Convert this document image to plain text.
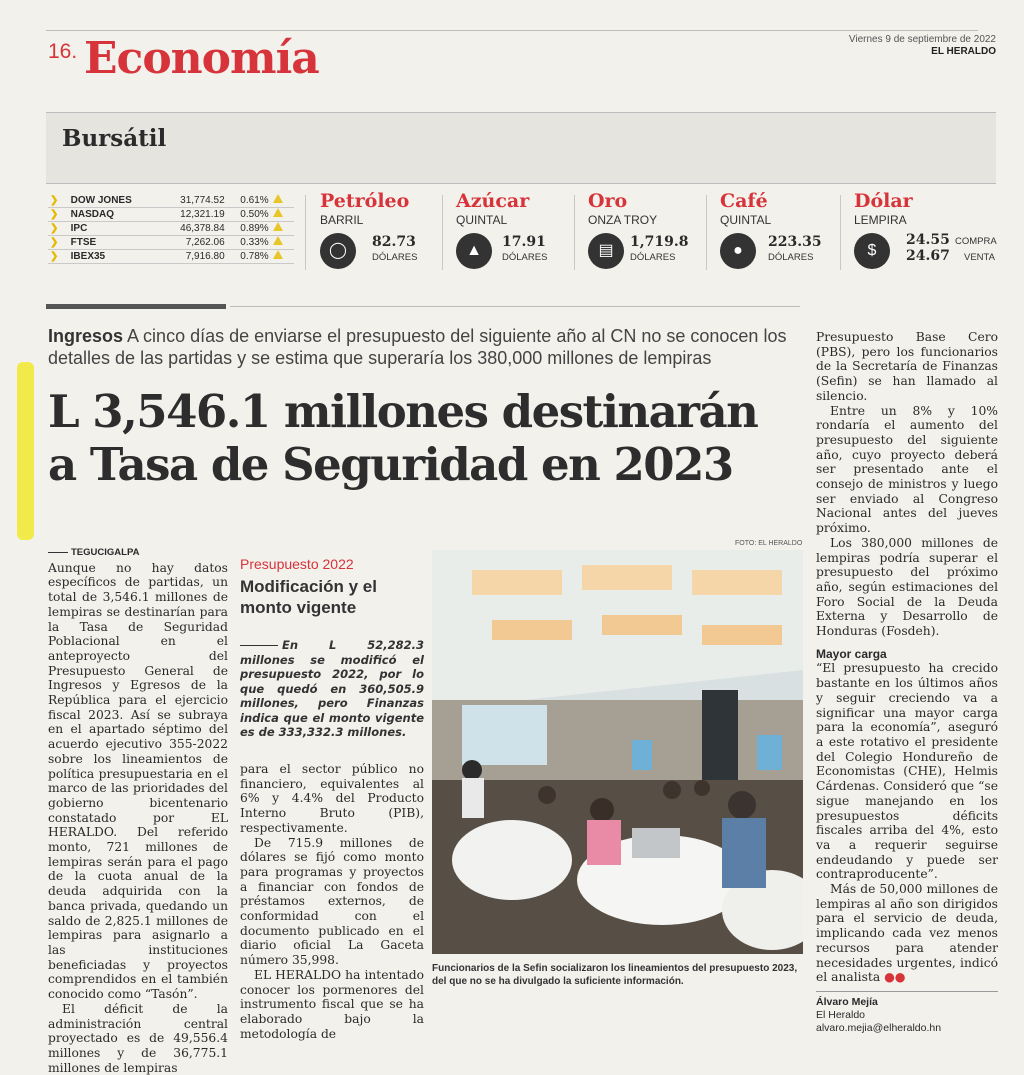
16. Economía	Viernes 9 de septiembre de 2022
EL HERALDO
Bursátil
❯	DOW JONES	31,774.52	0.61%	
❯	NASDAQ	12,321.19	0.50%	
❯	IPC	46,378.84	0.89%	
❯	FTSE	7,262.06	0.33%	
❯	IBEX35	7,916.80	0.78%	
Petróleo
BARRIL
◯	82.73
DÓLARES
Azúcar
QUINTAL
▲	17.91
DÓLARES
Oro
ONZA TROY
▤	1,719.8
DÓLARES
Café
QUINTAL
●	223.35
DÓLARES
Dólar
LEMPIRA
$
24.55 COMPRA
24.67 VENTA
Ingresos A cinco días de enviarse el presupuesto del siguiente año al CN no se conocen los detalles de las partidas y se estima que superaría los 380,000 millones de lempiras
L 3,546.1 millones destinarán
a Tasa de Seguridad en 2023
TEGUCIGALPA

Aunque no hay datos específicos de partidas, un total de 3,546.1 millones de lempiras se destinarían para la Tasa de Seguridad Poblacional en el anteproyecto del Presupuesto General de Ingresos y Egresos de la República para el ejercicio fiscal 2023. Así se subraya en el apartado séptimo del acuerdo ejecutivo 355-2022 sobre los lineamientos de política presupuestaria en el marco de las prioridades del gobierno bicentenario constatado por EL HERALDO. Del referido monto, 721 millones de lempiras serán para el pago de la cuota anual de la deuda adquirida con la banca privada, quedando un saldo de 2,825.1 millones de lempiras para asignarlo a las instituciones beneficiadas y proyectos comprendidos en el también conocido como “Tasón”.

El déficit de la administración central proyectado es de 49,556.4 millones y de 36,775.1 millones de lempiras

Presupuesto 2022
Modificación y el monto vigente
En L 52,282.3 millones se modificó el presupuesto 2022, por lo que quedó en 360,505.9 millones, pero Finanzas indica que el monto vigente es de 333,332.3 millones.

para el sector público no financiero, equivalentes al 6% y 4.4% del Producto Interno Bruto (PIB), respectivamente.

De 715.9 millones de dólares se fijó como monto para programas y proyectos a financiar con fondos de préstamos externos, de conformidad con el documento publicado en el diario oficial La Gaceta número 35,998.

EL HERALDO ha intentado conocer los pormenores del instrumento fiscal que se ha elaborado bajo la metodología de

FOTO: EL HERALDO
Funcionarios de la Sefin socializaron los lineamientos del presupuesto 2023, del que no se ha divulgado la suficiente información.

Presupuesto Base Cero (PBS), pero los funcionarios de la Secretaría de Finanzas (Sefin) se han llamado al silencio.

Entre un 8% y 10% rondaría el aumento del presupuesto del siguiente año, cuyo proyecto deberá ser presentado ante el consejo de ministros y luego ser enviado al Congreso Nacional antes del jueves próximo.

Los 380,000 millones de lempiras podría superar el presupuesto del próximo año, según estimaciones del Foro Social de la Deuda Externa y Desarrollo de Honduras (Fosdeh).

Mayor carga

“El presupuesto ha crecido bastante en los últimos años y seguir creciendo va a significar una mayor carga para la economía”, aseguró a este rotativo el presidente del Colegio Hondureño de Economistas (CHE), Helmis Cárdenas. Consideró que “se sigue manejando en los presupuestos déficits fiscales arriba del 4%, esto va a requerir seguirse endeudando y puede ser contraproducente”.

Más de 50,000 millones de lempiras al año son dirigidos para el servicio de deuda, implicando cada vez menos recursos para atender necesidades urgentes, indicó el analista ●●

Álvaro Mejía
El Heraldo
alvaro.mejia@elheraldo.hn
